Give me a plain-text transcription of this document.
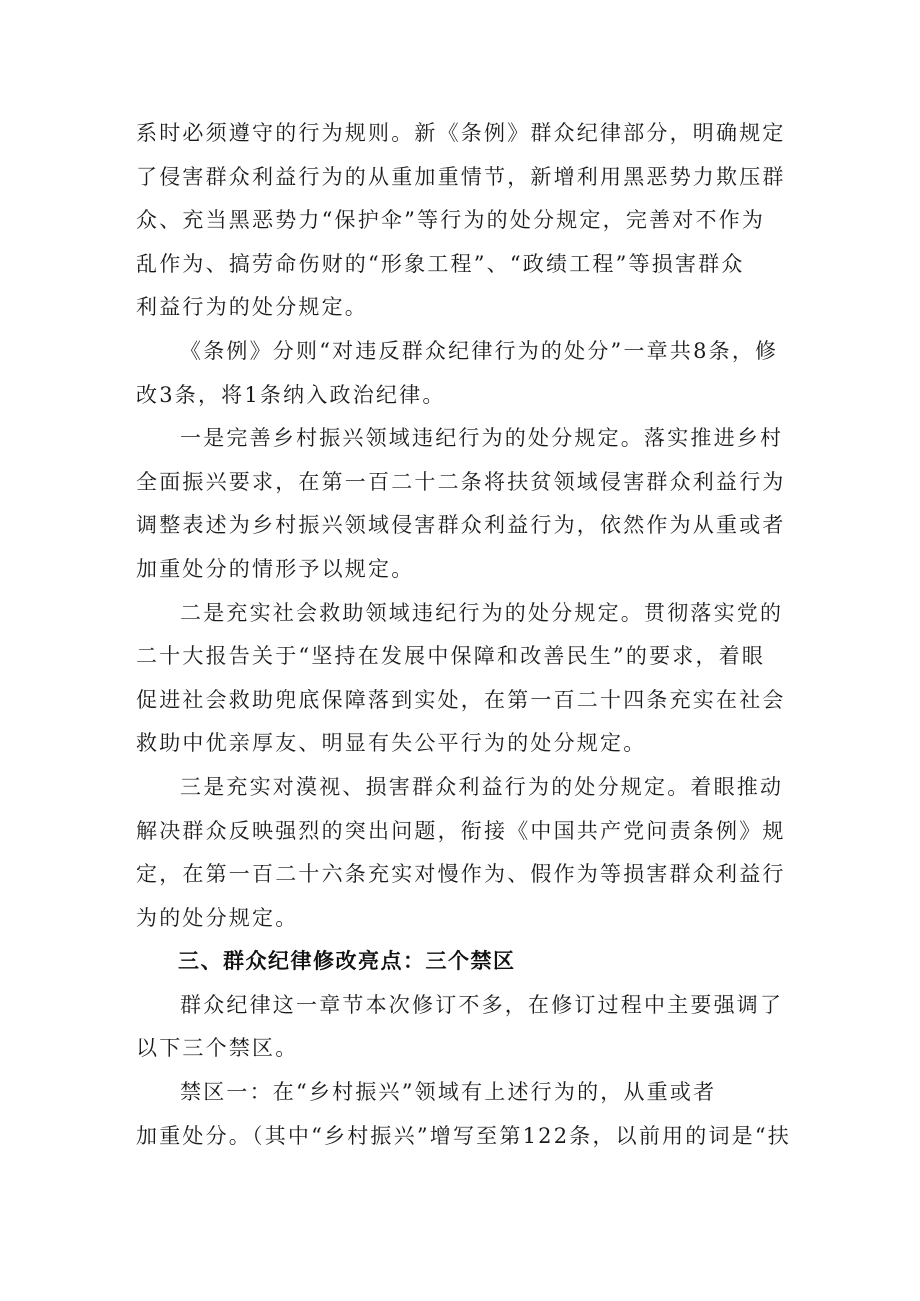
系时必须遵守的行为规则。新《条例》群众纪律部分，明确规定
了侵害群众利益行为的从重加重情节，新增利用黑恶势力欺压群
众、充当黑恶势力“保护伞”等行为的处分规定，完善对不作为
乱作为、搞劳命伤财的“形象工程”、“政绩工程”等损害群众
利益行为的处分规定。

《条例》分则“对违反群众纪律行为的处分”一章共8条，修
改3条，将1条纳入政治纪律。

一是完善乡村振兴领域违纪行为的处分规定。落实推进乡村
全面振兴要求，在第一百二十二条将扶贫领域侵害群众利益行为
调整表述为乡村振兴领域侵害群众利益行为，依然作为从重或者
加重处分的情形予以规定。

二是充实社会救助领域违纪行为的处分规定。贯彻落实党的
二十大报告关于“坚持在发展中保障和改善民生”的要求，着眼
促进社会救助兜底保障落到实处，在第一百二十四条充实在社会
救助中优亲厚友、明显有失公平行为的处分规定。

三是充实对漠视、损害群众利益行为的处分规定。着眼推动
解决群众反映强烈的突出问题，衔接《中国共产党问责条例》规
定，在第一百二十六条充实对慢作为、假作为等损害群众利益行
为的处分规定。

三、群众纪律修改亮点：三个禁区

群众纪律这一章节本次修订不多，在修订过程中主要强调了
以下三个禁区。

禁区一：在“乡村振兴”领域有上述行为的，从重或者
加重处分。（其中“乡村振兴”增写至第122条，以前用的词是“扶
